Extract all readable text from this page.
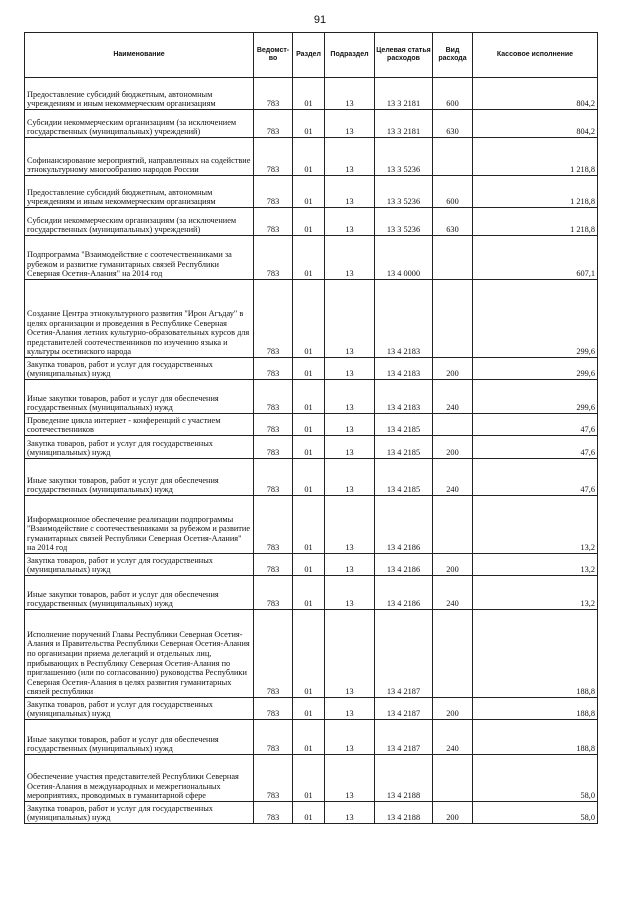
91
Наименование	Ведомст-во	Раздел	Подраздел	Целевая статья расходов	Вид расхода	Кассовое исполнение
Предоставление субсидий бюджетным, автономным учреждениям и иным некоммерческим организациям	783	01	13	13 3 2181	600	804,2
Субсидии некоммерческим организациям (за исключением государственных (муниципальных) учреждений)	783	01	13	13 3 2181	630	804,2
Софинансирование мероприятий, направленных на содействие этнокультурному многообразию народов России	783	01	13	13 3 5236		1 218,8
Предоставление субсидий бюджетным, автономным учреждениям и иным некоммерческим организациям	783	01	13	13 3 5236	600	1 218,8
Субсидии некоммерческим организациям (за исключением государственных (муниципальных) учреждений)	783	01	13	13 3 5236	630	1 218,8
Подпрограмма "Взаимодействие с соотечественниками за рубежом и развитие гуманитарных связей Республики Северная Осетия-Алания" на 2014 год	783	01	13	13 4 0000		607,1
Создание Центра этнокультурного развития "Ирон Агъдау" в целях организации и проведения в Республике Северная Осетия-Алания летних культурно-образовательных курсов для представителей соотечественников по изучению языка и культуры осетинского народа	783	01	13	13 4 2183		299,6
Закупка товаров, работ и услуг для государственных (муниципальных) нужд	783	01	13	13 4 2183	200	299,6
Иные закупки товаров, работ и услуг для обеспечения государственных (муниципальных) нужд	783	01	13	13 4 2183	240	299,6
Проведение цикла интернет - конференций с участием соотечественников	783	01	13	13 4 2185		47,6
Закупка товаров, работ и услуг для государственных (муниципальных) нужд	783	01	13	13 4 2185	200	47,6
Иные закупки товаров, работ и услуг для обеспечения государственных (муниципальных) нужд	783	01	13	13 4 2185	240	47,6
Информационное обеспечение реализации подпрограммы "Взаимодействие с соотечественниками за рубежом и развитие гуманитарных связей Республики Северная Осетия-Алания" на 2014 год	783	01	13	13 4 2186		13,2
Закупка товаров, работ и услуг для государственных (муниципальных) нужд	783	01	13	13 4 2186	200	13,2
Иные закупки товаров, работ и услуг для обеспечения государственных (муниципальных) нужд	783	01	13	13 4 2186	240	13,2
Исполнение поручений Главы Республики Северная Осетия-Алания и Правительства Республики Северная Осетия-Алания по организации приема делегаций и отдельных лиц, прибывающих в Республику Северная Осетия-Алания по приглашению (или по согласованию) руководства Республики Северная Осетия-Алания в целях развития гуманитарных связей республики	783	01	13	13 4 2187		188,8
Закупка товаров, работ и услуг для государственных (муниципальных) нужд	783	01	13	13 4 2187	200	188,8
Иные закупки товаров, работ и услуг для обеспечения государственных (муниципальных) нужд	783	01	13	13 4 2187	240	188,8
Обеспечение участия представителей Республики Северная Осетия-Алания в международных и межрегиональных мероприятиях, проводимых в гуманитарной сфере	783	01	13	13 4 2188		58,0
Закупка товаров, работ и услуг для государственных (муниципальных) нужд	783	01	13	13 4 2188	200	58,0
